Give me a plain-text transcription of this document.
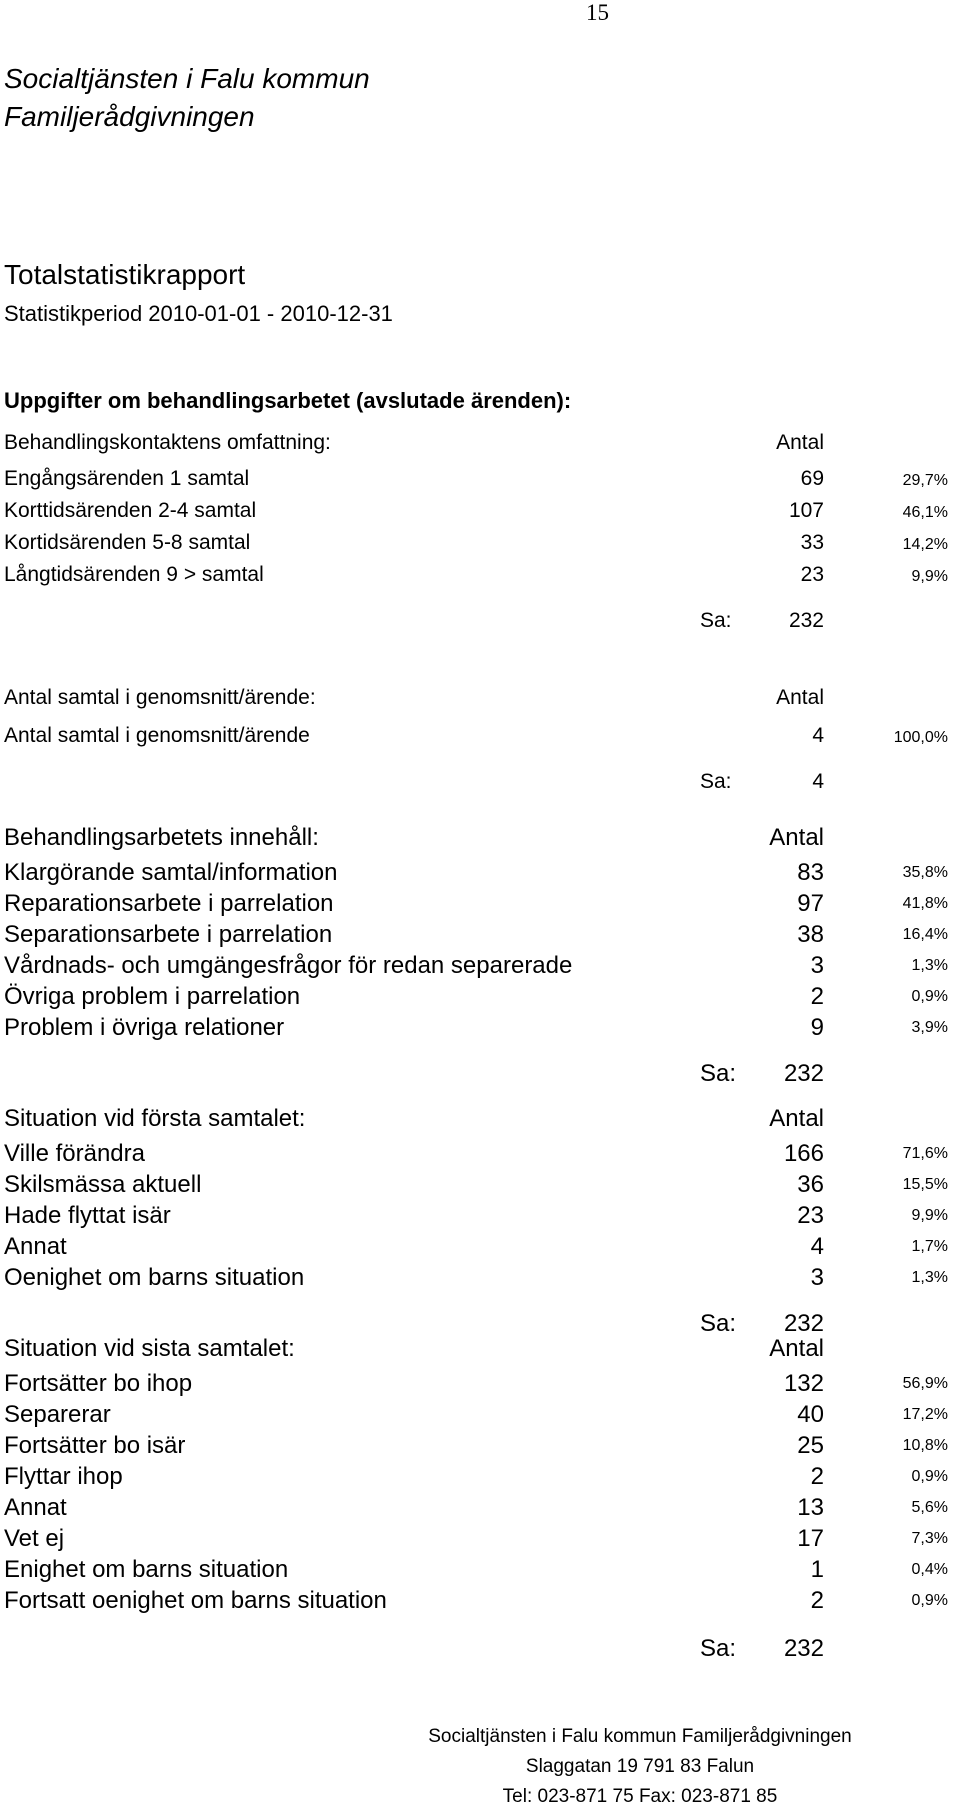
15
Socialtjänsten i Falu kommun
Familjerådgivningen
Totalstatistikrapport
Statistikperiod 2010-01-01 - 2010-12-31
Uppgifter om behandlingsarbetet (avslutade ärenden):
Behandlingskontaktens omfattning:	Antal
Engångsärenden 1 samtal	69	29,7%
Korttidsärenden 2-4 samtal	107	46,1%
Kortidsärenden 5-8 samtal	33	14,2%
Långtidsärenden 9 > samtal	23	9,9%
Sa:	232
Antal samtal i genomsnitt/ärende:	Antal
Antal samtal i genomsnitt/ärende	4	100,0%
Sa:	4
Behandlingsarbetets innehåll:	Antal
Klargörande samtal/information	83	35,8%
Reparationsarbete i parrelation	97	41,8%
Separationsarbete i parrelation	38	16,4%
Vårdnads- och umgängesfrågor för redan separerade	3	1,3%
Övriga problem i parrelation	2	0,9%
Problem i övriga relationer	9	3,9%
Sa:	232
Situation vid första samtalet:	Antal
Ville förändra	166	71,6%
Skilsmässa aktuell	36	15,5%
Hade flyttat isär	23	9,9%
Annat	4	1,7%
Oenighet om barns situation	3	1,3%
Sa:	232
Situation vid sista samtalet:	Antal
Fortsätter bo ihop	132	56,9%
Separerar	40	17,2%
Fortsätter bo isär	25	10,8%
Flyttar ihop	2	0,9%
Annat	13	5,6%
Vet ej	17	7,3%
Enighet om barns situation	1	0,4%
Fortsatt oenighet om barns situation	2	0,9%
Sa:	232
Socialtjänsten i Falu kommun Familjerådgivningen
Slaggatan 19 791 83 Falun
Tel: 023-871 75 Fax: 023-871 85
